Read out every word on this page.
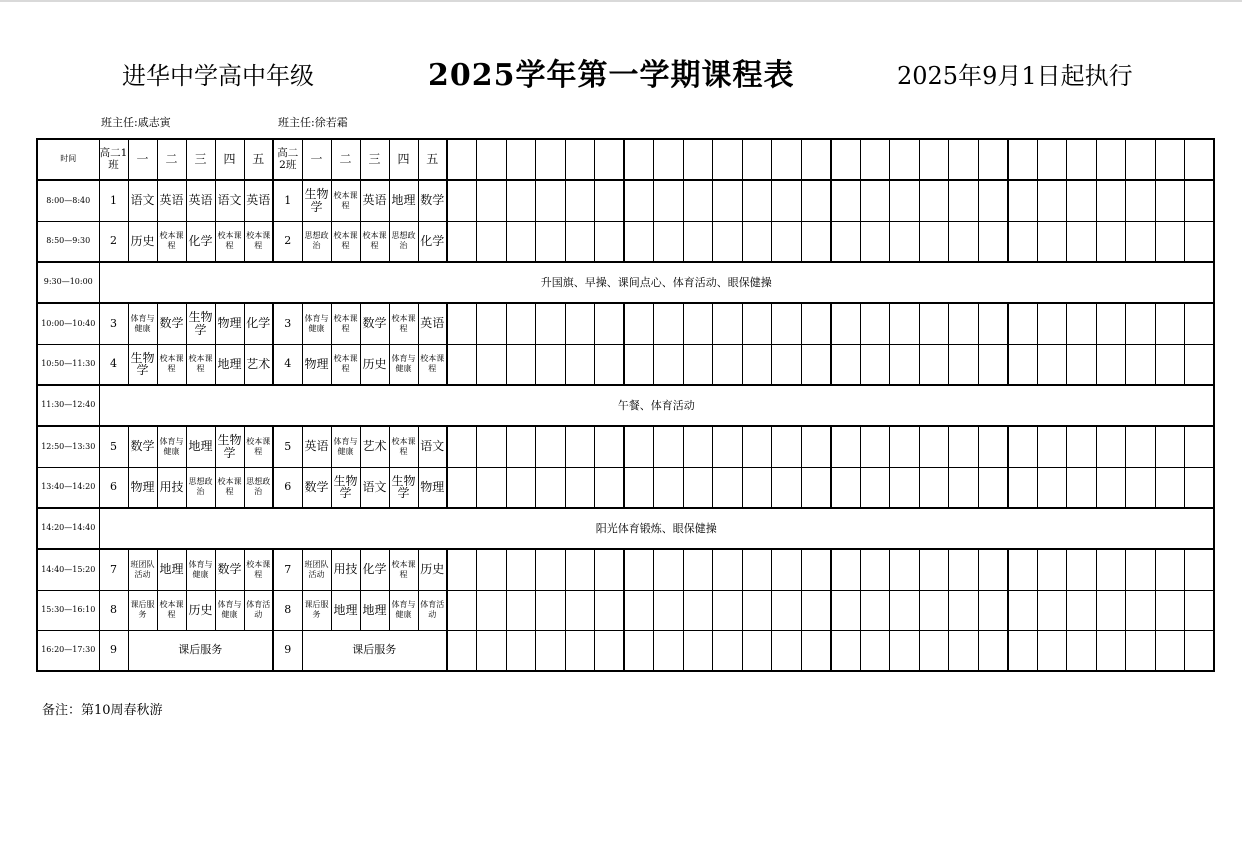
进华中学高中年级	2025学年第一学期课程表	2025年9月1日起执行
班主任:戚志寅	班主任:徐若霜
时间	高二1班	一	二	三	四	五	高二2班	一	二	三	四	五																										
8:00—8:40	1	语文	英语	英语	语文	英语	1	生物学	校本课程	英语	地理	数学																										
8:50—9:30	2	历史	校本课程	化学	校本课程	校本课程	2	思想政治	校本课程	校本课程	思想政治	化学																										
9:30—10:00	升国旗、早操、课间点心、体育活动、眼保健操																																					
10:00—10:40	3	体育与健康	数学	生物学	物理	化学	3	体育与健康	校本课程	数学	校本课程	英语																										
10:50—11:30	4	生物学	校本课程	校本课程	地理	艺术	4	物理	校本课程	历史	体育与健康	校本课程																										
11:30—12:40	午餐、体育活动																																					
12:50—13:30	5	数学	体育与健康	地理	生物学	校本课程	5	英语	体育与健康	艺术	校本课程	语文																										
13:40—14:20	6	物理	用技	思想政治	校本课程	思想政治	6	数学	生物学	语文	生物学	物理																										
14:20—14:40	阳光体育锻炼、眼保健操																																					
14:40—15:20	7	班团队活动	地理	体育与健康	数学	校本课程	7	班团队活动	用技	化学	校本课程	历史																										
15:30—16:10	8	课后服务	校本课程	历史	体育与健康	体育活动	8	课后服务	地理	地理	体育与健康	体育活动																										
16:20—17:30	9	课后服务					9	课后服务																														
备注：第10周春秋游
